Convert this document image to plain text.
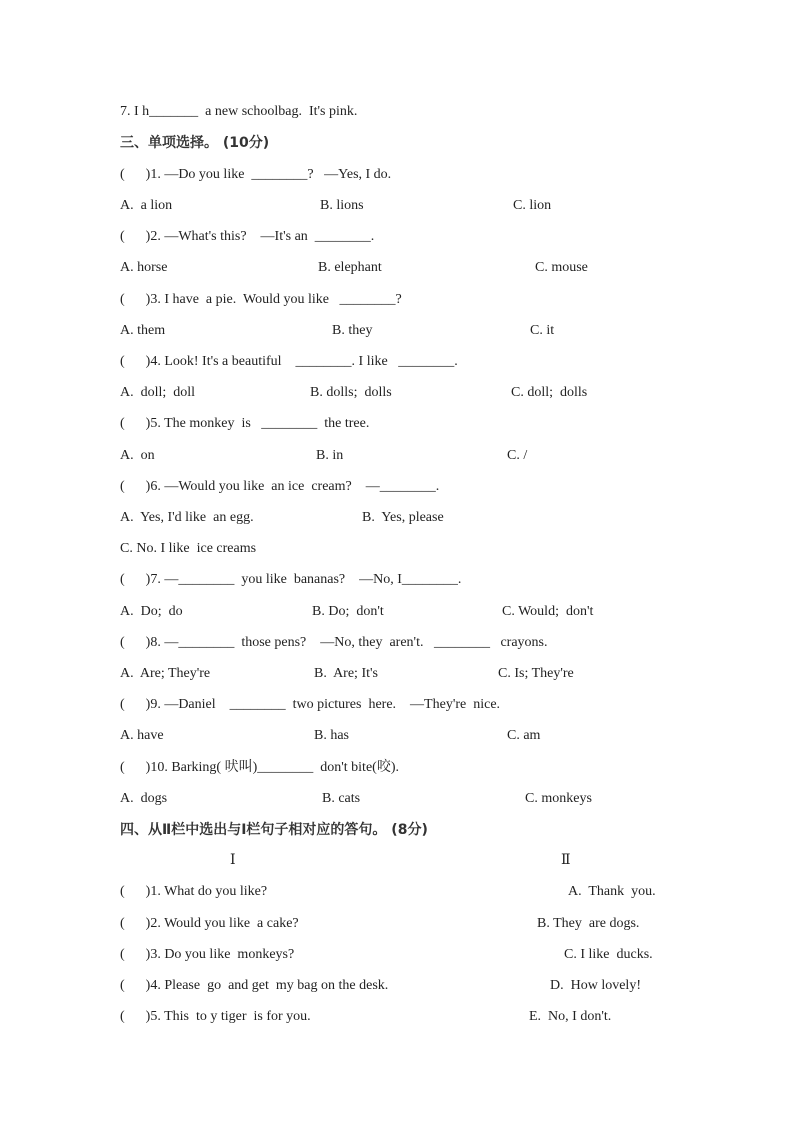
7. I h_______  a new schoolbag.  It's pink.
三、单项选择。 (10分)
(      )1. —Do you like  ________?   —Yes, I do.
A.  a lion	B. lions	C. lion
(      )2. —What's this?    —It's an  ________.
A. horse	B. elephant	C. mouse
(      )3. I have  a pie.  Would you like   ________?
A. them	B. they	C. it
(      )4. Look! It's a beautiful    ________. I like   ________.
A.  doll;  doll	B. dolls;  dolls	C. doll;  dolls
(      )5. The monkey  is   ________  the tree.
A.  on	B. in	C. /
(      )6. —Would you like  an ice  cream?    —________.
A.  Yes, I'd like  an egg.	B.  Yes, please
C. No. I like  ice creams
(      )7. —________  you like  bananas?    —No, I________.
A.  Do;  do	B. Do;  don't	C. Would;  don't
(      )8. —________  those pens?    —No, they  aren't.   ________   crayons.
A.  Are; They're	B.  Are; It's	C. Is; They're
(      )9. —Daniel    ________  two pictures  here.    —They're  nice.
A. have	B. has	C. am
(      )10. Barking( 吠叫)________  don't bite(咬).
A.  dogs	B. cats	C. monkeys
四、从Ⅱ栏中选出与Ⅰ栏句子相对应的答句。 (8分)
Ⅰ	Ⅱ
(      )1. What do you like?	A.  Thank  you.
(      )2. Would you like  a cake?	B. They  are dogs.
(      )3. Do you like  monkeys?	C. I like  ducks.
(      )4. Please  go  and get  my bag on the desk.	D.  How lovely!
(      )5. This  to y tiger  is for you.	E.  No, I don't.
